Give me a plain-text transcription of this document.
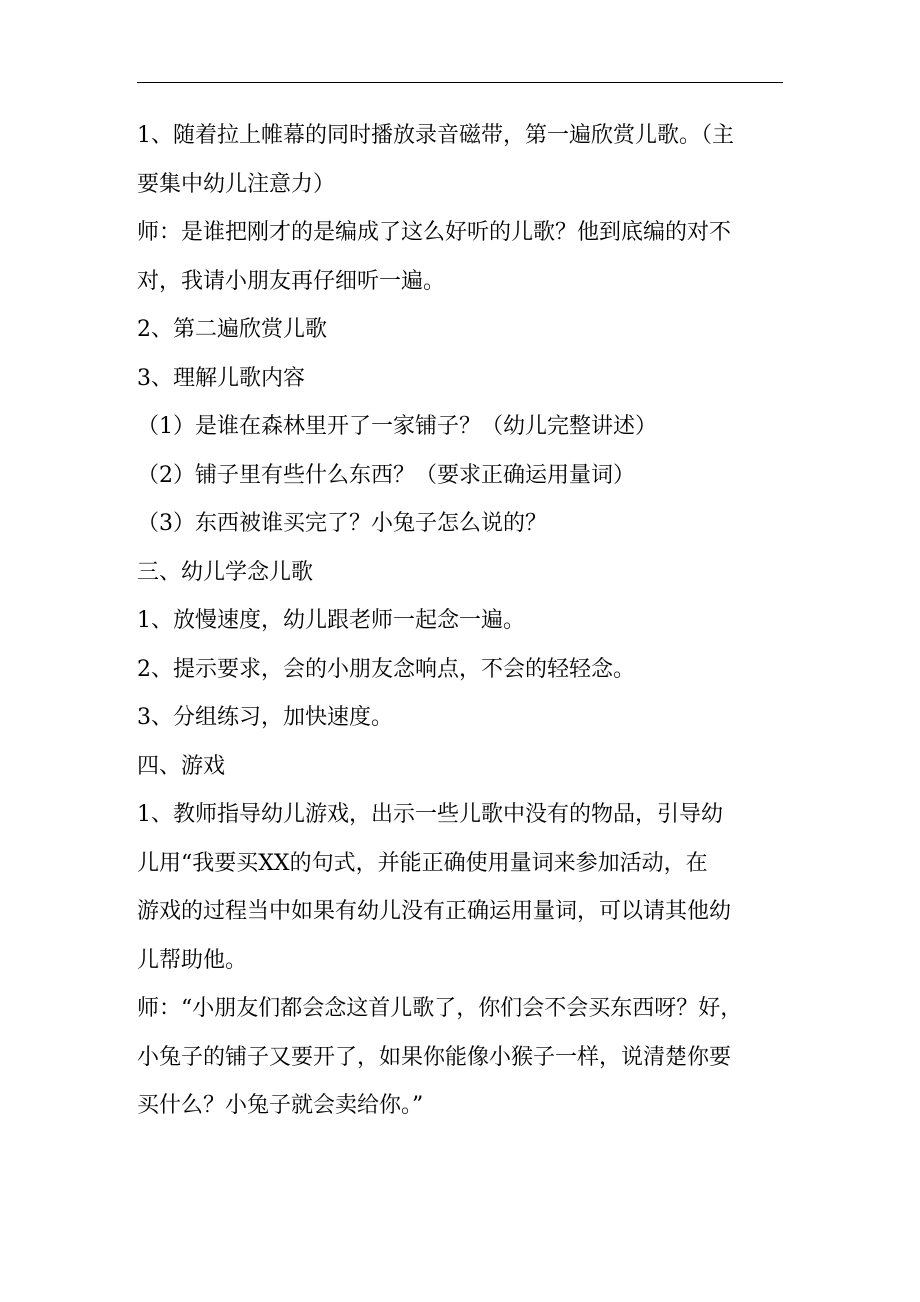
1、随着拉上帷幕的同时播放录音磁带，第一遍欣赏儿歌。（主
要集中幼儿注意力）
师：是谁把刚才的是编成了这么好听的儿歌？他到底编的对不
对，我请小朋友再仔细听一遍。
2、第二遍欣赏儿歌
3、理解儿歌内容
（1）是谁在森林里开了一家铺子？（幼儿完整讲述）
（2）铺子里有些什么东西？（要求正确运用量词）
（3）东西被谁买完了？小兔子怎么说的？
三、幼儿学念儿歌
1、放慢速度，幼儿跟老师一起念一遍。
2、提示要求，会的小朋友念响点，不会的轻轻念。
3、分组练习，加快速度。
四、游戏
1、教师指导幼儿游戏，出示一些儿歌中没有的物品，引导幼
儿用“我要买XX的句式，并能正确使用量词来参加活动，在
游戏的过程当中如果有幼儿没有正确运用量词，可以请其他幼
儿帮助他。
师：“小朋友们都会念这首儿歌了，你们会不会买东西呀？好，
小兔子的铺子又要开了，如果你能像小猴子一样，说清楚你要
买什么？小兔子就会卖给你。”
